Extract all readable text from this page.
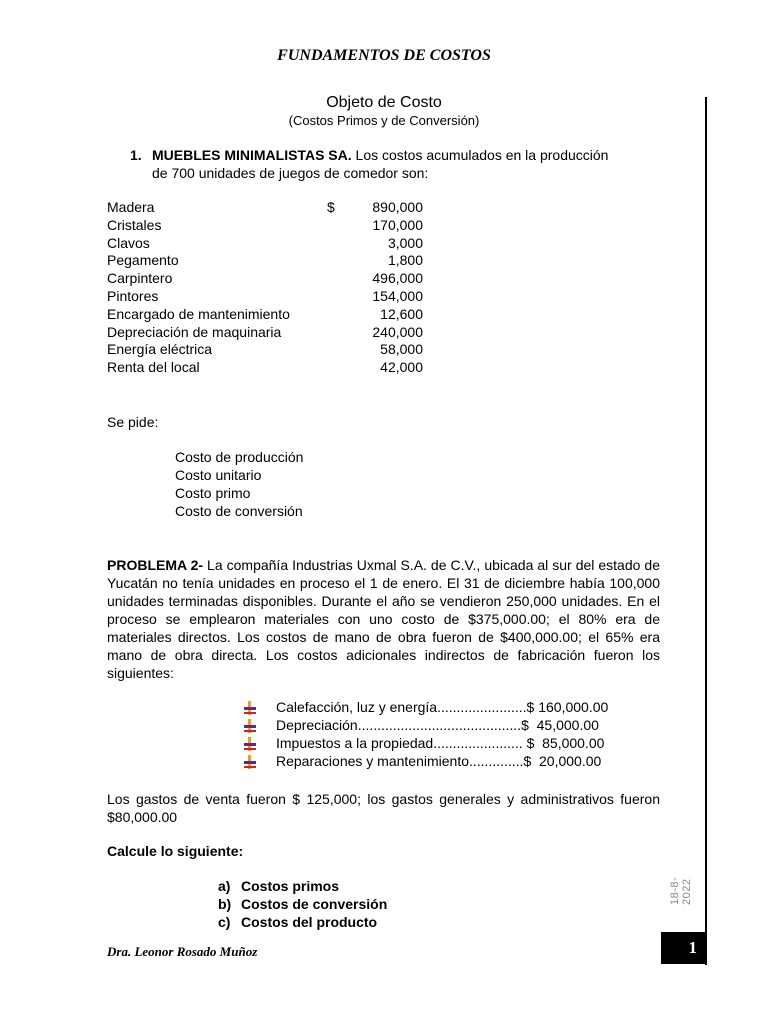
FUNDAMENTOS DE COSTOS
Objeto de Costo
(Costos Primos y de Conversión)
1. MUEBLES MINIMALISTAS SA. Los costos acumulados en la producción
de 700 unidades de juegos de comedor son:
Madera	$	890,000
Cristales	170,000
Clavos	3,000
Pegamento	1,800
Carpintero	496,000
Pintores	154,000
Encargado de mantenimiento	12,600
Depreciación de maquinaria	240,000
Energía eléctrica	58,000
Renta del local	42,000
Se pide:
Costo de producción
Costo unitario
Costo primo
Costo de conversión
PROBLEMA 2- La compañía Industrias Uxmal S.A. de C.V., ubicada al sur del estado de Yucatán no tenía unidades en proceso el 1 de enero. El 31 de diciembre había 100,000 unidades terminadas disponibles. Durante el año se vendieron 250,000 unidades. En el proceso se emplearon materiales con uno costo de $375,000.00; el 80% era de materiales directos. Los costos de mano de obra fueron de $400,000.00; el 65% era mano de obra directa. Los costos adicionales indirectos de fabricación fueron los siguientes:
Calefacción, luz y energía.......................$ 160,000.00
Depreciación..........................................$  45,000.00
Impuestos a la propiedad....................... $  85,000.00
Reparaciones y mantenimiento..............$  20,000.00
Los gastos de venta fueron $ 125,000; los gastos generales y administrativos fueron $80,000.00
Calcule lo siguiente:
a) Costos primos
b) Costos de conversión
c) Costos del producto
Dra. Leonor Rosado Muñoz
18-8-2022
1
